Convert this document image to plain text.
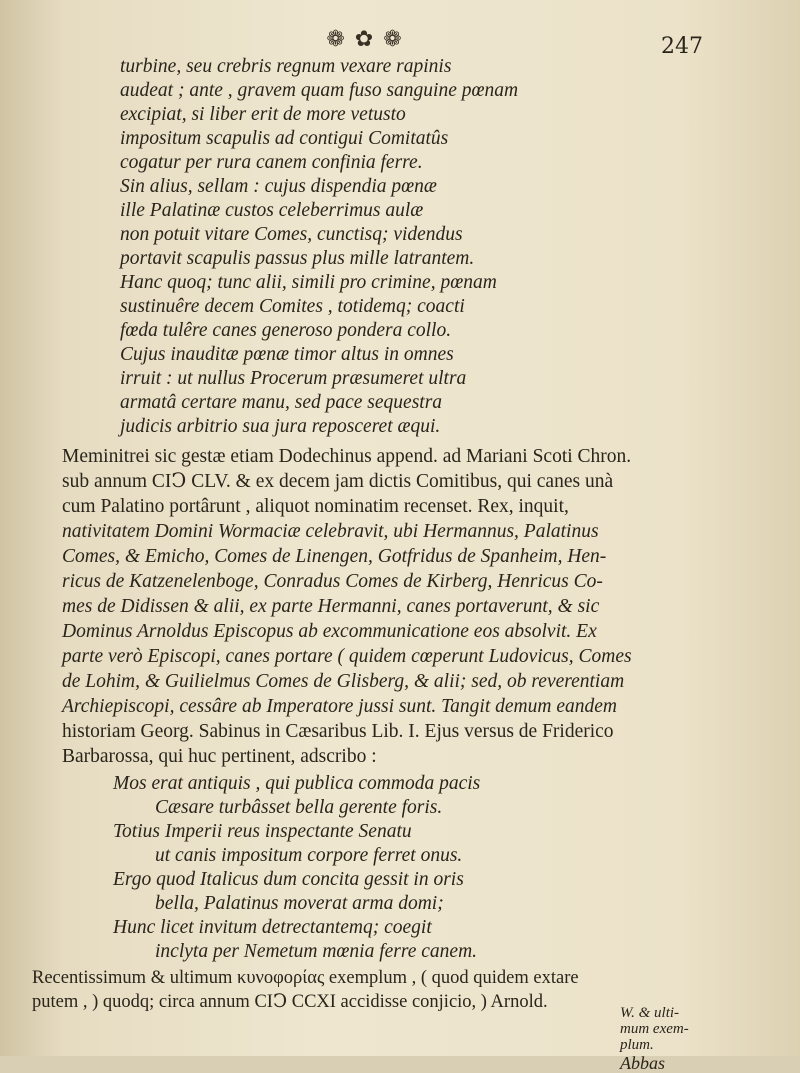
❁ ✿ ❁	247
turbine, seu crebris regnum vexare rapinis
audeat ; ante , gravem quam fuso sanguine pœnam
excipiat, si liber erit de more vetusto
impositum scapulis ad contigui Comitatûs
cogatur per rura canem confinia ferre.
Sin alius, sellam : cujus dispendia pœnæ
ille Palatinæ custos celeberrimus aulæ
non potuit vitare Comes, cunctisq; videndus
portavit scapulis passus plus mille latrantem.
Hanc quoq; tunc alii, simili pro crimine, pœnam
sustinuêre decem Comites , totidemq; coacti
fœda tulêre canes generoso pondera collo.
Cujus inauditæ pœnæ timor altus in omnes
irruit : ut nullus Procerum præsumeret ultra
armatâ certare manu, sed pace sequestra
judicis arbitrio sua jura reposceret æqui.
Meminitrei sic gestæ etiam Dodechinus append. ad Mariani Scoti Chron.
sub annum CIↃ CLV. & ex decem jam dictis Comitibus, qui canes unà
cum Palatino portârunt , aliquot nominatim recenset. Rex, inquit,
nativitatem Domini Wormaciæ celebravit, ubi Hermannus, Palatinus
Comes, & Emicho, Comes de Linengen, Gotfridus de Spanheim, Hen-
ricus de Katzenelenboge, Conradus Comes de Kirberg, Henricus Co-
mes de Didissen & alii, ex parte Hermanni, canes portaverunt, & sic
Dominus Arnoldus Episcopus ab excommunicatione eos absolvit. Ex
parte verò Episcopi, canes portare ( quidem cœperunt Ludovicus, Comes
de Lohim, & Guilielmus Comes de Glisberg, & alii; sed, ob reverentiam
Archiepiscopi, cessâre ab Imperatore jussi sunt. Tangit demum eandem
historiam Georg. Sabinus in Cæsaribus Lib. I. Ejus versus de Friderico
Barbarossa, qui huc pertinent, adscribo :
Mos erat antiquis , qui publica commoda pacis
Cæsare turbâsset bella gerente foris.
Totius Imperii reus inspectante Senatu
ut canis impositum corpore ferret onus.
Ergo quod Italicus dum concita gessit in oris
bella, Palatinus moverat arma domi;
Hunc licet invitum detrectantemq; coegit
inclyta per Nemetum mœnia ferre canem.
Recentissimum & ultimum κυνοφορίας exemplum , ( quod quidem extare
putem , ) quodq; circa annum CIↃ CCXI accidisse conjicio, ) Arnold.
W. & ulti-
mum exem-
plum.
Abbas
